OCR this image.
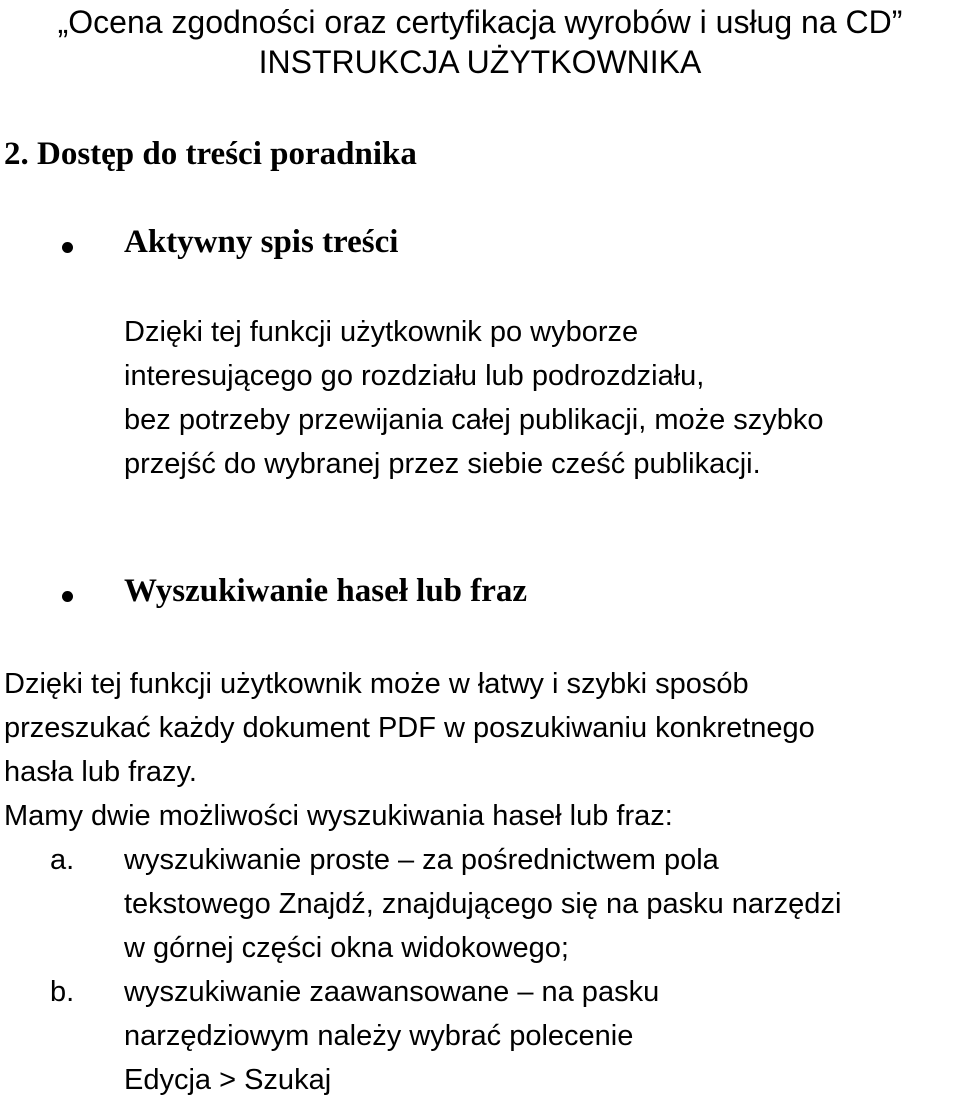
„Ocena zgodności oraz certyfikacja wyrobów i usług na CD”
INSTRUKCJA UŻYTKOWNIKA
2. Dostęp do treści poradnika
Aktywny spis treści
Dzięki tej funkcji użytkownik po wyborze
interesującego go rozdziału lub podrozdziału,
bez potrzeby przewijania całej publikacji, może szybko
przejść do wybranej przez siebie cześć publikacji.
Wyszukiwanie haseł lub fraz
Dzięki tej funkcji użytkownik może w łatwy i szybki sposób
przeszukać każdy dokument PDF w poszukiwaniu konkretnego
hasła lub frazy.
Mamy dwie możliwości wyszukiwania haseł lub fraz:
a. wyszukiwanie proste – za pośrednictwem pola
tekstowego Znajdź, znajdującego się na pasku narzędzi
w górnej części okna widokowego;
b. wyszukiwanie zaawansowane – na pasku
narzędziowym należy wybrać polecenie
Edycja > Szukaj
